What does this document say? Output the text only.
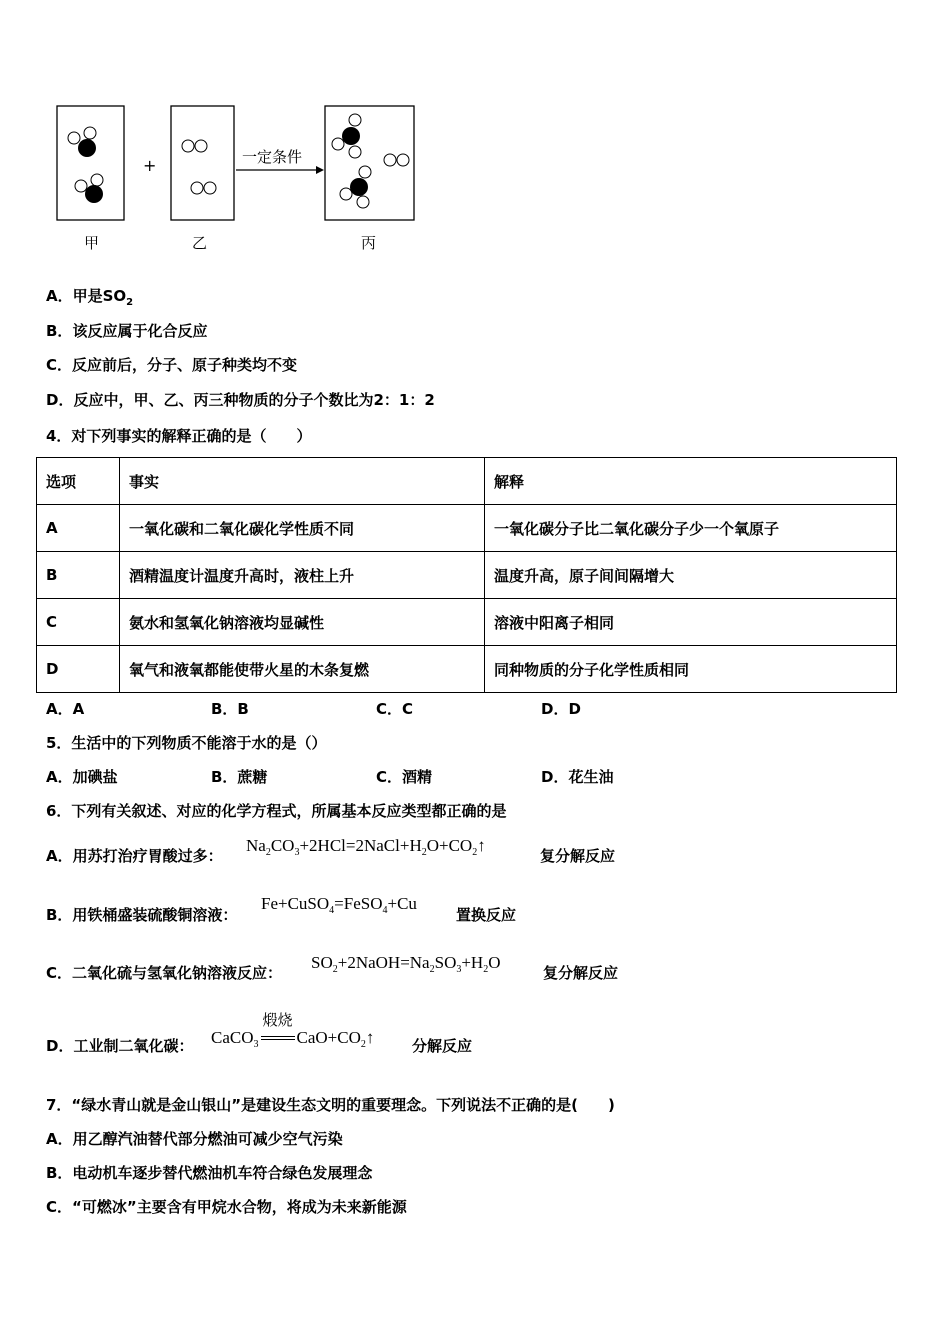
+	一定条件
甲	乙	丙
A．甲是$SO_2$
B．该反应属于化合反应
C．反应前后，分子、原子种类均不变
D．反应中，甲、乙、丙三种物质的分子个数比为2：1：2
4．对下列事实的解释正确的是（　　）
选项	事实	解释
A	一氧化碳和二氧化碳化学性质不同	一氧化碳分子比二氧化碳分子少一个氧原子
B	酒精温度计温度升高时，液柱上升	温度升高，原子间间隔增大
C	氨水和氢氧化钠溶液均显碱性	溶液中阳离子相同
D	氧气和液氧都能使带火星的木条复燃	同种物质的分子化学性质相同
A．A	B．B	C．C	D．D
5．生活中的下列物质不能溶于水的是（）
A．加碘盐	B．蔗糖	C．酒精	D．花生油
6．下列有关叙述、对应的化学方程式，所属基本反应类型都正确的是
A．用苏打治疗胃酸过多：
$Na_2CO_3+2HCl=2NaCl+H_2O+CO_2↑$
复分解反应
B．用铁桶盛装硫酸铜溶液：
Fe+CuSO$_4$=FeSO$_4$+Cu
置换反应
C．二氧化硫与氢氧化钠溶液反应：
$SO_2+2NaOH=Na_2SO_3+H_2O$
复分解反应
D．工业制二氧化碳： CaCO$_3$
煅烧
$CaO+CO_2↑$	分解反应
7．“绿水青山就是金山银山”是建设生态文明的重要理念。下列说法不正确的是(　　)
A．用乙醇汽油替代部分燃油可减少空气污染
B．电动机车逐步替代燃油机车符合绿色发展理念
C．“可燃冰”主要含有甲烷水合物，将成为未来新能源
